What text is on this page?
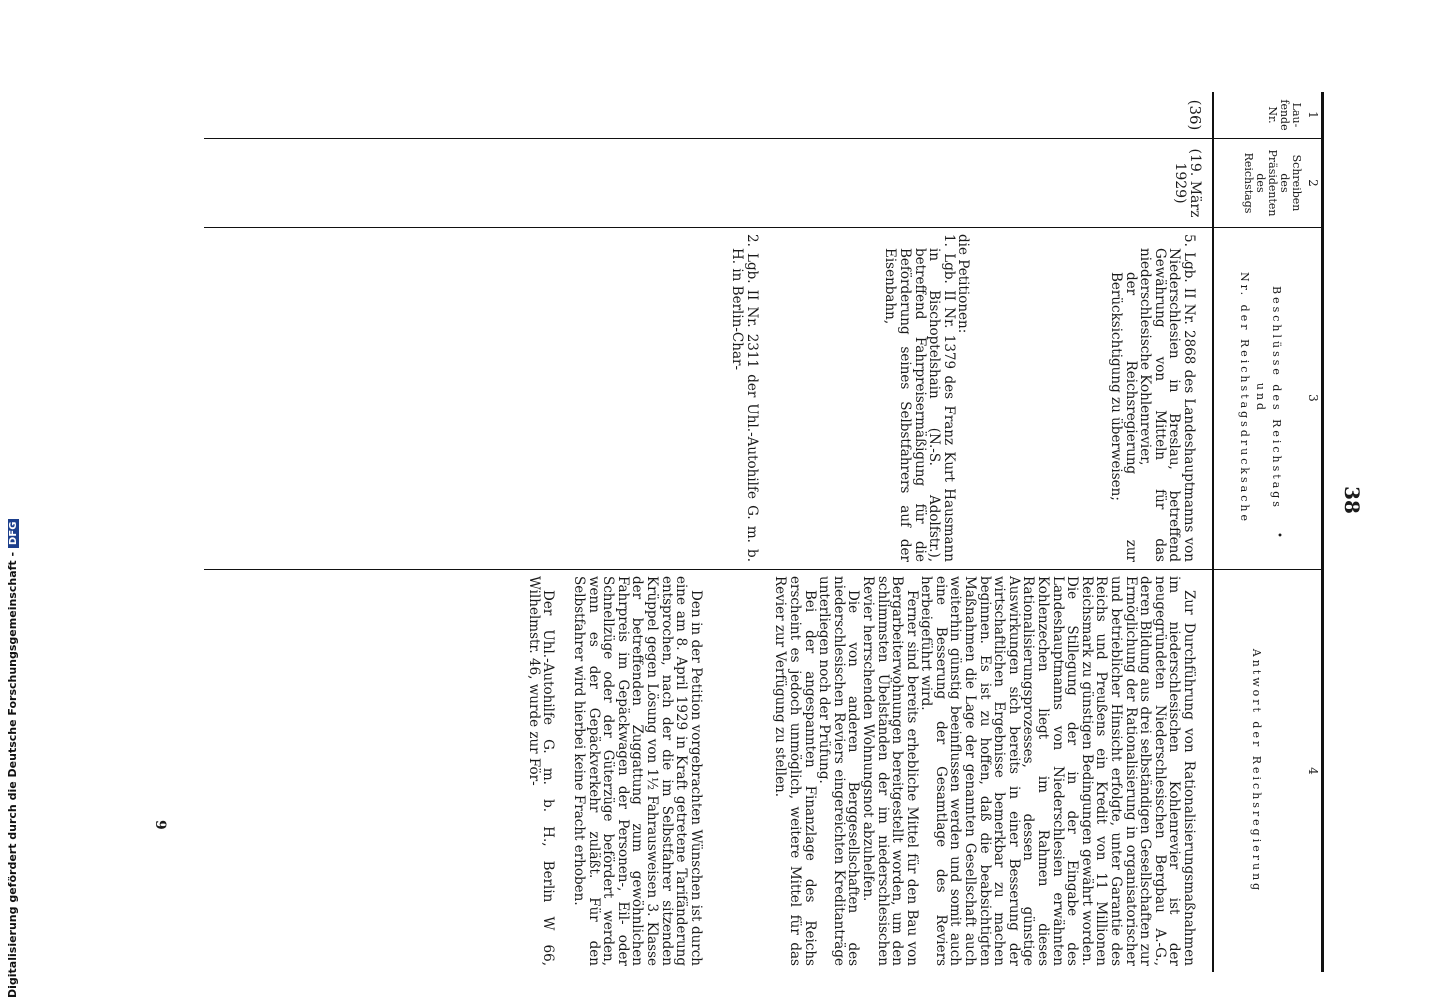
Digitalisierung gefördert durch die Deutsche Forschungsgemeinschaft -DFG
38
•
1
2
3
4
Lau-
fende
Nr.
Schreiben
des
Präsidenten
des
Reichstags
Beschlüsse des Reichstags
und
Nr. der Reichstagsdrucksache
Antwort der Reichsregierung
(36)
(19. März
1929)
5. Lgb. II Nr. 2868 des Landeshauptmanns von Niederschlesien in Breslau, betreffend Gewährung von Mitteln für das niederschlesische Kohlenrevier,
der Reichsregierung zur Berücksichtigung zu überweisen;
die Petitionen:
1. Lgb. II Nr. 1379 des Franz Kurt Hausmann in Bischoptelshain (N.-S. Adolfstr.), betreffend Fahrpreisermäßigung für die Beförderung seines Selbstfahrers auf der Eisenbahn,
2. Lgb. II Nr. 2311 der Uhl.-Autohilfe G. m. b. H. in Berlin-Char-
Zur Durchführung von Rationalisierungsmaßnahmen im niederschlesischen Kohlenrevier ist der neugegründeten Niederschlesischen Bergbau A.-G., deren Bildung aus drei selbständigen Gesellschaften zur Ermöglichung der Rationalisierung in organisatorischer und betrieblicher Hinsicht erfolgte, unter Garantie des Reichs und Preußens ein Kredit von 11 Millionen Reichsmark zu günstigen Bedingungen gewährt worden. Die Stillegung der in der Eingabe des Landeshauptmanns von Niederschlesien erwähnten Kohlenzechen liegt im Rahmen dieses Rationalisierungsprozesses, dessen günstige Auswirkungen sich bereits in einer Besserung der wirtschaftlichen Ergebnisse bemerkbar zu machen beginnen. Es ist zu hoffen, daß die beabsichtigten Maßnahmen die Lage der genannten Gesellschaft auch weiterhin günstig beeinflussen werden und somit auch eine Besserung der Gesamtlage des Reviers herbeigeführt wird.
Ferner sind bereits erhebliche Mittel für den Bau von Bergarbeiterwohnungen bereitgestellt worden, um den schlimmsten Übelständen der im niederschlesischen Revier herrschenden Wohnungsnot abzuhelfen.
Die von anderen Berggesellschaften des niederschlesischen Reviers eingereichten Kreditanträge unterliegen noch der Prüfung.
Bei der angespannten Finanzlage des Reichs erscheint es jedoch unmöglich, weitere Mittel für das Revier zur Verfügung zu stellen.
Den in der Petition vorgebrachten Wünschen ist durch eine am 8. April 1929 in Kraft getretene Tarifänderung entsprochen, nach der die im Selbstfahrer sitzenden Krüppel gegen Lösung von 1½ Fahrausweisen 3. Klasse der betreffenden Zuggattung zum gewöhnlichen Fahrpreis im Gepäckwagen der Personen-, Eil- oder Schnellzüge oder der Güterzüge befördert werden, wenn es der Gepäckverkehr zuläßt. Für den Selbstfahrer wird hierbei keine Fracht erhoben.
Der Uhl.-Autohilfe G. m. b. H., Berlin W 66, Wilhelmstr. 46, wurde zur För-
9
